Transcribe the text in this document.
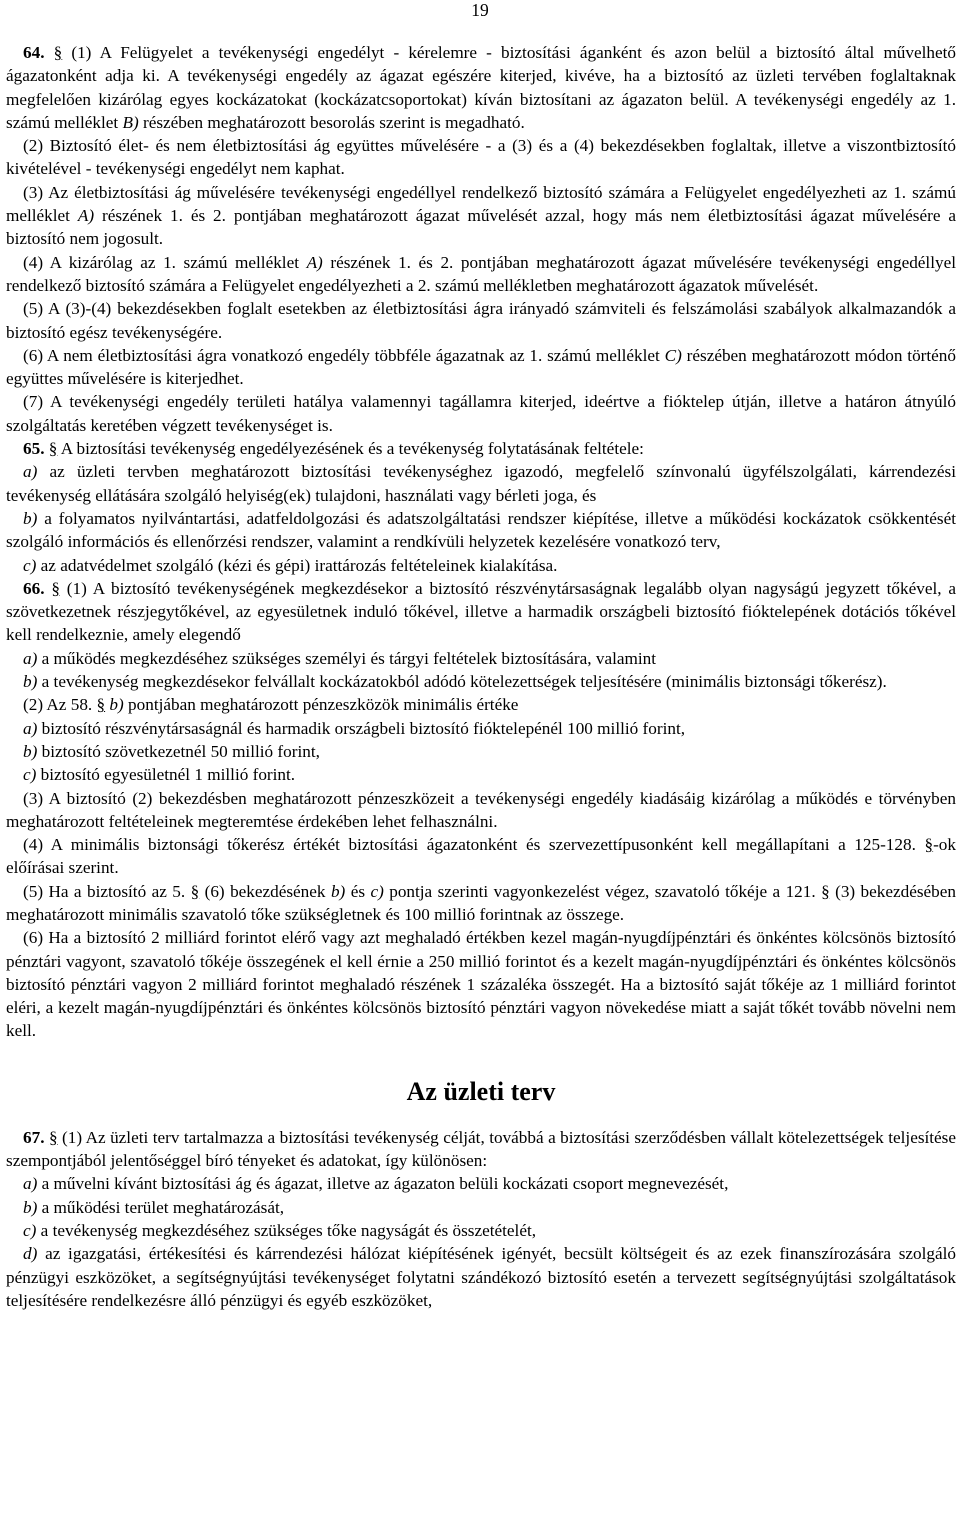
19

64. § (1) A Felügyelet a tevékenységi engedélyt - kérelemre - biztosítási áganként és azon belül a biztosító által művelhető ágazatonként adja ki. A tevékenységi engedély az ágazat egészére kiterjed, kivéve, ha a biztosító az üzleti tervében foglaltaknak megfelelően kizárólag egyes kockázatokat (kockázatcsoportokat) kíván biztosítani az ágazaton belül. A tevékenységi engedély az 1. számú melléklet B) részében meghatározott besorolás szerint is megadható.

(2) Biztosító élet- és nem életbiztosítási ág együttes művelésére - a (3) és a (4) bekezdésekben foglaltak, illetve a viszontbiztosító kivételével - tevékenységi engedélyt nem kaphat.

(3) Az életbiztosítási ág művelésére tevékenységi engedéllyel rendelkező biztosító számára a Felügyelet engedélyezheti az 1. számú melléklet A) részének 1. és 2. pontjában meghatározott ágazat művelését azzal, hogy más nem életbiztosítási ágazat művelésére a biztosító nem jogosult.

(4) A kizárólag az 1. számú melléklet A) részének 1. és 2. pontjában meghatározott ágazat művelésére tevékenységi engedéllyel rendelkező biztosító számára a Felügyelet engedélyezheti a 2. számú mellékletben meghatározott ágazatok művelését.

(5) A (3)-(4) bekezdésekben foglalt esetekben az életbiztosítási ágra irányadó számviteli és felszámolási szabályok alkalmazandók a biztosító egész tevékenységére.

(6) A nem életbiztosítási ágra vonatkozó engedély többféle ágazatnak az 1. számú melléklet C) részében meghatározott módon történő együttes művelésére is kiterjedhet.

(7) A tevékenységi engedély területi hatálya valamennyi tagállamra kiterjed, ideértve a fióktelep útján, illetve a határon átnyúló szolgáltatás keretében végzett tevékenységet is.

65. § A biztosítási tevékenység engedélyezésének és a tevékenység folytatásának feltétele:

a) az üzleti tervben meghatározott biztosítási tevékenységhez igazodó, megfelelő színvonalú ügyfélszolgálati, kárrendezési tevékenység ellátására szolgáló helyiség(ek) tulajdoni, használati vagy bérleti joga, és

b) a folyamatos nyilvántartási, adatfeldolgozási és adatszolgáltatási rendszer kiépítése, illetve a működési kockázatok csökkentését szolgáló információs és ellenőrzési rendszer, valamint a rendkívüli helyzetek kezelésére vonatkozó terv,

c) az adatvédelmet szolgáló (kézi és gépi) irattározás feltételeinek kialakítása.

66. § (1) A biztosító tevékenységének megkezdésekor a biztosító részvénytársaságnak legalább olyan nagyságú jegyzett tőkével, a szövetkezetnek részjegytőkével, az egyesületnek induló tőkével, illetve a harmadik országbeli biztosító fióktelepének dotációs tőkével kell rendelkeznie, amely elegendő

a) a működés megkezdéséhez szükséges személyi és tárgyi feltételek biztosítására, valamint

b) a tevékenység megkezdésekor felvállalt kockázatokból adódó kötelezettségek teljesítésére (minimális biztonsági tőkerész).

(2) Az 58. § b) pontjában meghatározott pénzeszközök minimális értéke

a) biztosító részvénytársaságnál és harmadik országbeli biztosító fióktelepénél 100 millió forint,

b) biztosító szövetkezetnél 50 millió forint,

c) biztosító egyesületnél 1 millió forint.

(3) A biztosító (2) bekezdésben meghatározott pénzeszközeit a tevékenységi engedély kiadásáig kizárólag a működés e törvényben meghatározott feltételeinek megteremtése érdekében lehet felhasználni.

(4) A minimális biztonsági tőkerész értékét biztosítási ágazatonként és szervezettípusonként kell megállapítani a 125-128. §-ok előírásai szerint.

(5) Ha a biztosító az 5. § (6) bekezdésének b) és c) pontja szerinti vagyonkezelést végez, szavatoló tőkéje a 121. § (3) bekezdésében meghatározott minimális szavatoló tőke szükségletnek és 100 millió forintnak az összege.

(6) Ha a biztosító 2 milliárd forintot elérő vagy azt meghaladó értékben kezel magán-nyugdíjpénztári és önkéntes kölcsönös biztosító pénztári vagyont, szavatoló tőkéje összegének el kell érnie a 250 millió forintot és a kezelt magán-nyugdíjpénztári és önkéntes kölcsönös biztosító pénztári vagyon 2 milliárd forintot meghaladó részének 1 százaléka összegét. Ha a biztosító saját tőkéje az 1 milliárd forintot eléri, a kezelt magán-nyugdíjpénztári és önkéntes kölcsönös biztosító pénztári vagyon növekedése miatt a saját tőkét tovább növelni nem kell.

Az üzleti terv

67. § (1) Az üzleti terv tartalmazza a biztosítási tevékenység célját, továbbá a biztosítási szerződésben vállalt kötelezettségek teljesítése szempontjából jelentőséggel bíró tényeket és adatokat, így különösen:

a) a művelni kívánt biztosítási ág és ágazat, illetve az ágazaton belüli kockázati csoport megnevezését,

b) a működési terület meghatározását,

c) a tevékenység megkezdéséhez szükséges tőke nagyságát és összetételét,

d) az igazgatási, értékesítési és kárrendezési hálózat kiépítésének igényét, becsült költségeit és az ezek finanszírozására szolgáló pénzügyi eszközöket, a segítségnyújtási tevékenységet folytatni szándékozó biztosító esetén a tervezett segítségnyújtási szolgáltatások teljesítésére rendelkezésre álló pénzügyi és egyéb eszközöket,
